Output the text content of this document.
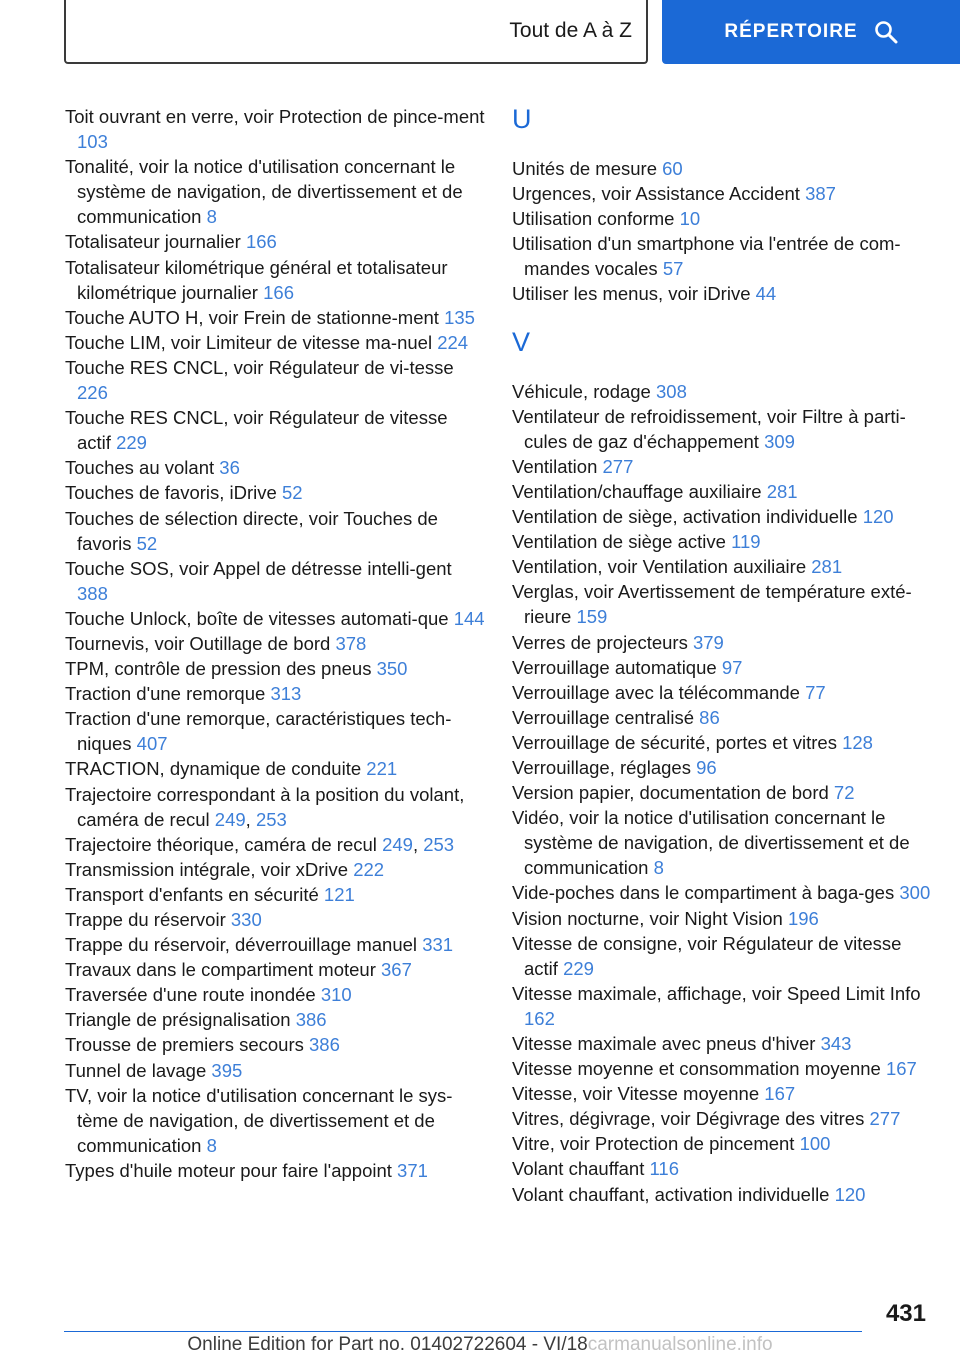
Tout de A à Z	RÉPERTOIRE
Toit ouvrant en verre, voir Protection de pince-ment 103
Tonalité, voir la notice d'utilisation concernant le système de navigation, de divertissement et de communication 8
Totalisateur journalier 166
Totalisateur kilométrique général et totalisateur kilométrique journalier 166
Touche AUTO H, voir Frein de stationne-ment 135
Touche LIM, voir Limiteur de vitesse ma-nuel 224
Touche RES CNCL, voir Régulateur de vi-tesse 226
Touche RES CNCL, voir Régulateur de vitesse actif 229
Touches au volant 36
Touches de favoris, iDrive 52
Touches de sélection directe, voir Touches de favoris 52
Touche SOS, voir Appel de détresse intelli-gent 388
Touche Unlock, boîte de vitesses automati-que 144
Tournevis, voir Outillage de bord 378
TPM, contrôle de pression des pneus 350
Traction d'une remorque 313
Traction d'une remorque, caractéristiques tech-niques 407
TRACTION, dynamique de conduite 221
Trajectoire correspondant à la position du volant, caméra de recul 249, 253
Trajectoire théorique, caméra de recul 249, 253
Transmission intégrale, voir xDrive 222
Transport d'enfants en sécurité 121
Trappe du réservoir 330
Trappe du réservoir, déverrouillage manuel 331
Travaux dans le compartiment moteur 367
Traversée d'une route inondée 310
Triangle de présignalisation 386
Trousse de premiers secours 386
Tunnel de lavage 395
TV, voir la notice d'utilisation concernant le sys-tème de navigation, de divertissement et de communication 8
Types d'huile moteur pour faire l'appoint 371
U
Unités de mesure 60
Urgences, voir Assistance Accident 387
Utilisation conforme 10
Utilisation d'un smartphone via l'entrée de com-mandes vocales 57
Utiliser les menus, voir iDrive 44
V
Véhicule, rodage 308
Ventilateur de refroidissement, voir Filtre à parti-cules de gaz d'échappement 309
Ventilation 277
Ventilation/chauffage auxiliaire 281
Ventilation de siège, activation individuelle 120
Ventilation de siège active 119
Ventilation, voir Ventilation auxiliaire 281
Verglas, voir Avertissement de température exté-rieure 159
Verres de projecteurs 379
Verrouillage automatique 97
Verrouillage avec la télécommande 77
Verrouillage centralisé 86
Verrouillage de sécurité, portes et vitres 128
Verrouillage, réglages 96
Version papier, documentation de bord 72
Vidéo, voir la notice d'utilisation concernant le système de navigation, de divertissement et de communication 8
Vide-poches dans le compartiment à baga-ges 300
Vision nocturne, voir Night Vision 196
Vitesse de consigne, voir Régulateur de vitesse actif 229
Vitesse maximale, affichage, voir Speed Limit Info 162
Vitesse maximale avec pneus d'hiver 343
Vitesse moyenne et consommation moyenne 167
Vitesse, voir Vitesse moyenne 167
Vitres, dégivrage, voir Dégivrage des vitres 277
Vitre, voir Protection de pincement 100
Volant chauffant 116
Volant chauffant, activation individuelle 120
431
Online Edition for Part no. 01402722604 - VI/18carmanualsonline.info
